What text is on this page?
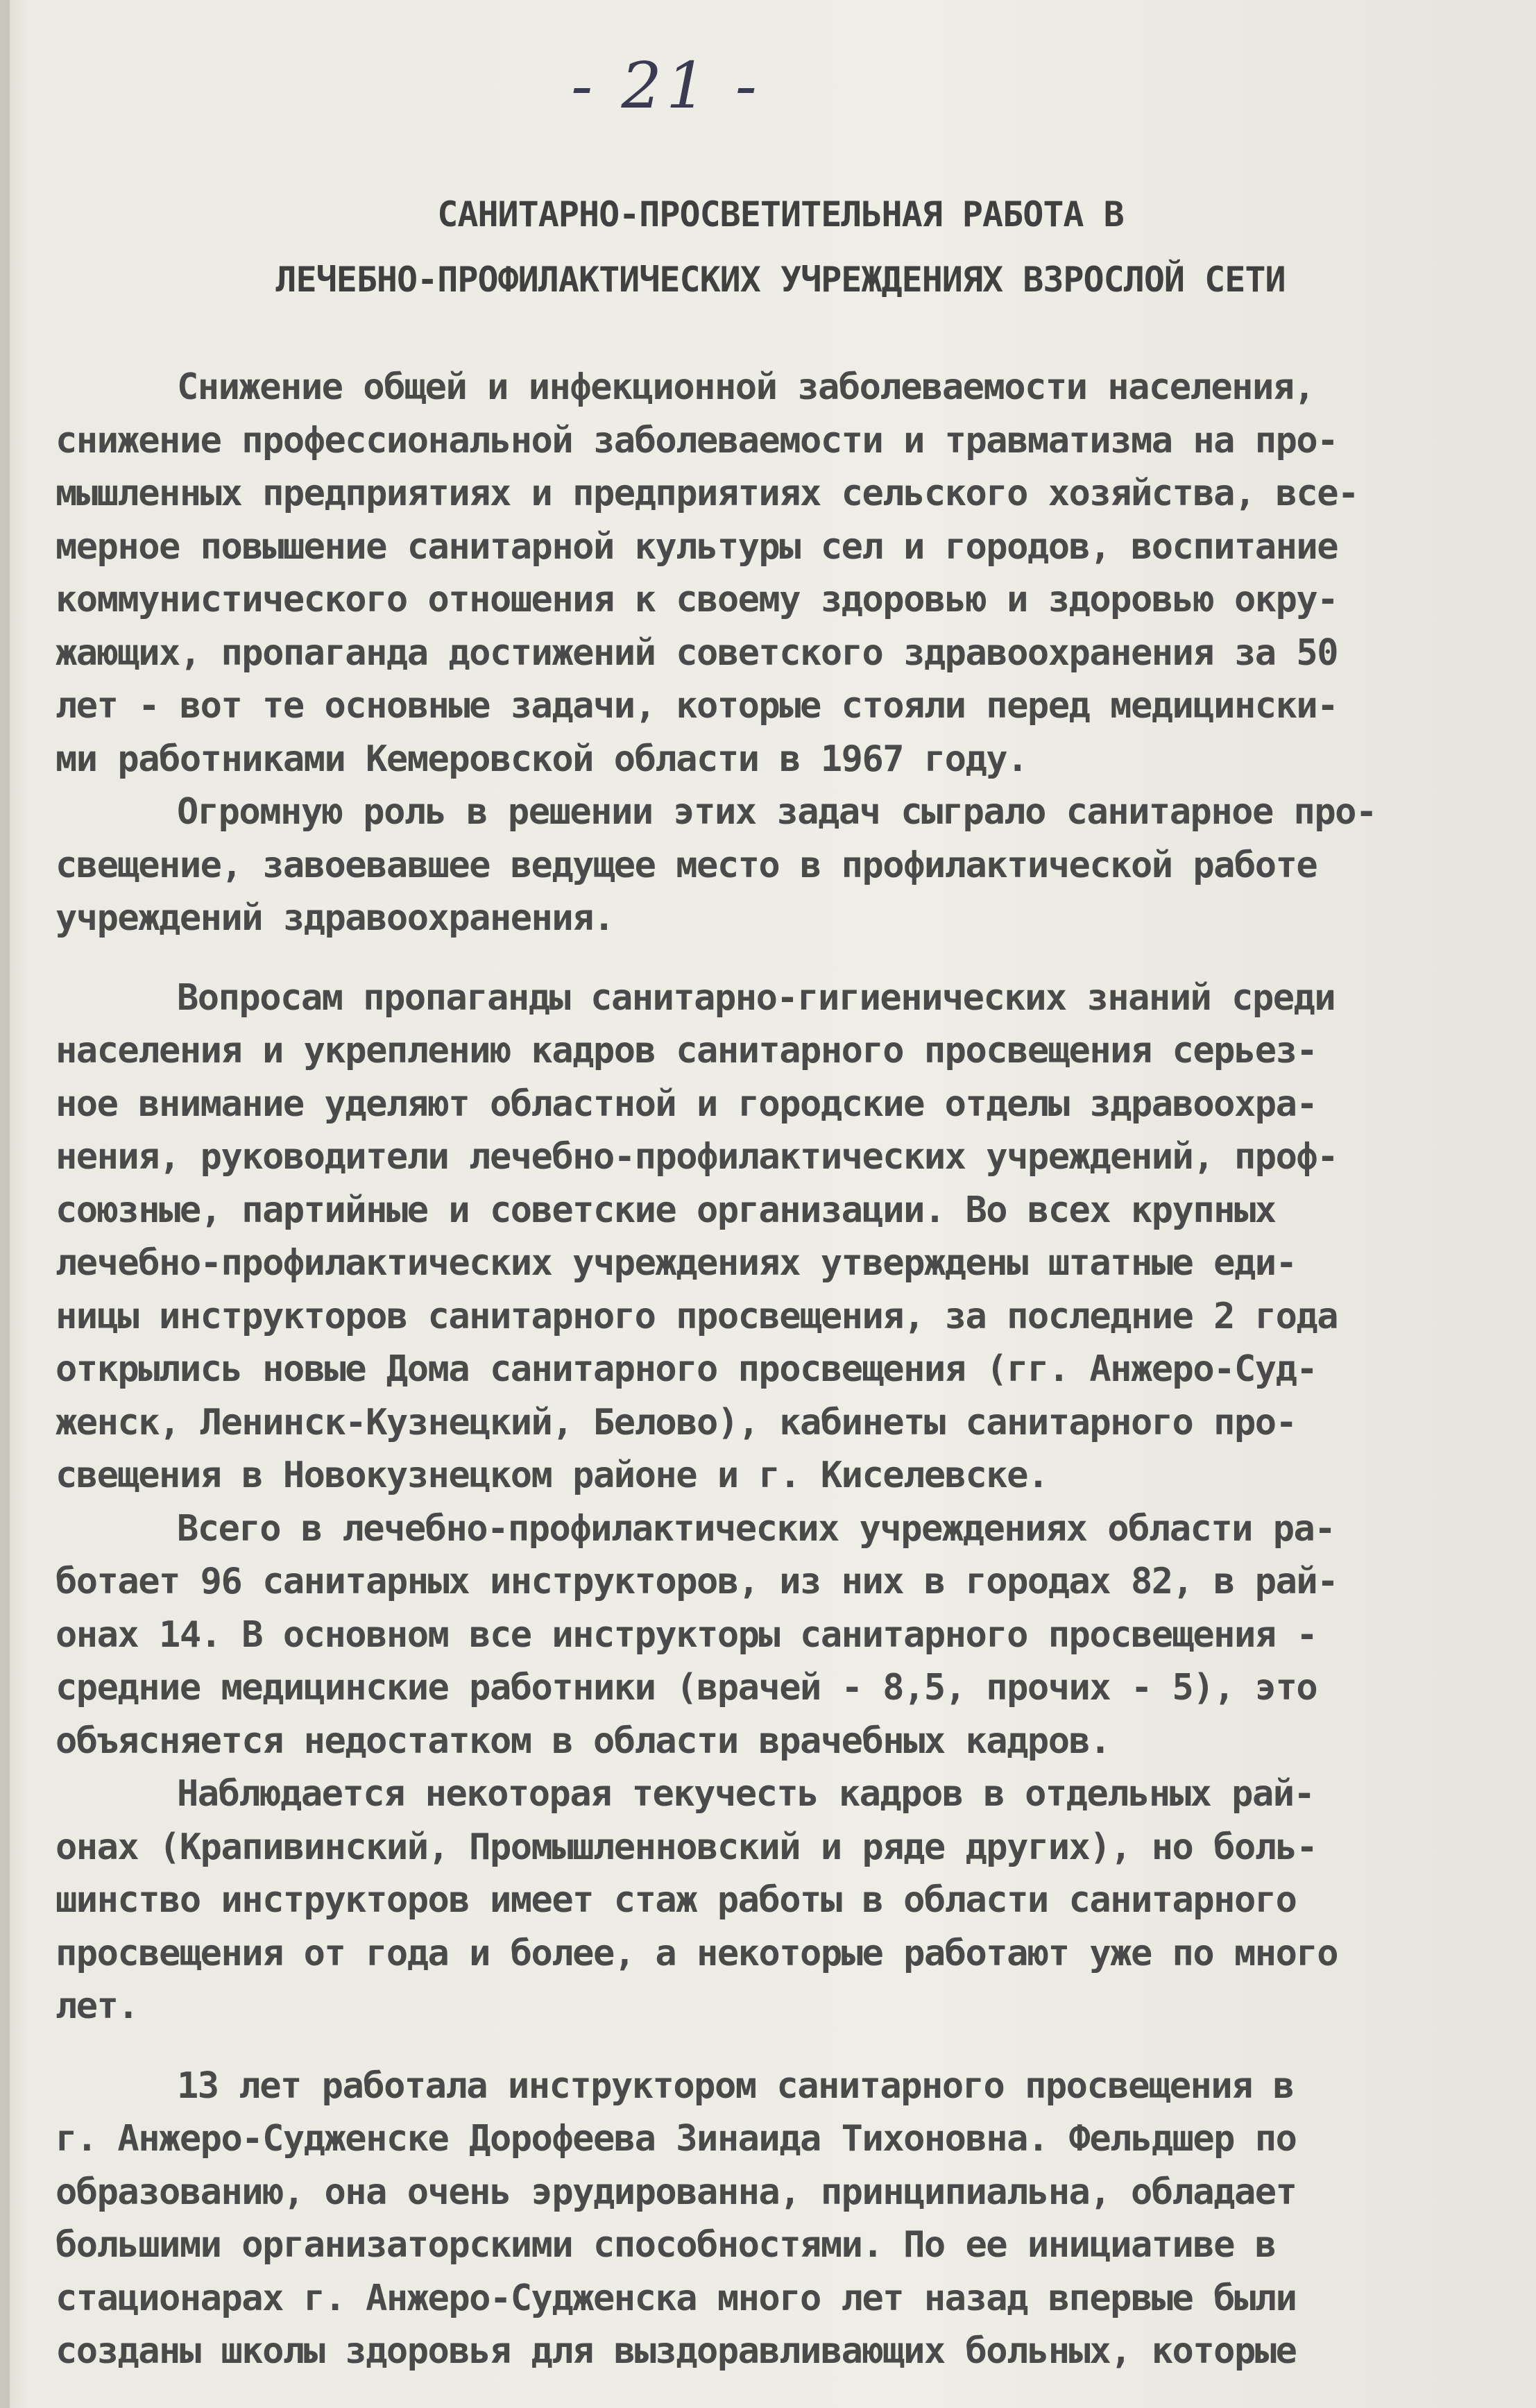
- 21 -
САНИТАРНО-ПРОСВЕТИТЕЛЬНАЯ РАБОТА В
ЛЕЧЕБНО-ПРОФИЛАКТИЧЕСКИХ УЧРЕЖДЕНИЯХ ВЗРОСЛОЙ СЕТИ
Снижение общей и инфекционной заболеваемости населения,
снижение профессиональной заболеваемости и травматизма на про-
мышленных предприятиях и предприятиях сельского хозяйства, все-
мерное повышение санитарной культуры сел и городов, воспитание
коммунистического отношения к своему здоровью и здоровью окру-
жающих, пропаганда достижений советского здравоохранения за 50
лет - вот те основные задачи, которые стояли перед медицински-
ми работниками Кемеровской области в 1967 году.
Огромную роль в решении этих задач сыграло санитарное про-
свещение, завоевавшее ведущее место в профилактической работе
учреждений здравоохранения.
Вопросам пропаганды санитарно-гигиенических знаний среди
населения и укреплению кадров санитарного просвещения серьез-
ное внимание уделяют областной и городские отделы здравоохра-
нения, руководители лечебно-профилактических учреждений, проф-
союзные, партийные и советские организации. Во всех крупных
лечебно-профилактических учреждениях утверждены штатные еди-
ницы инструкторов санитарного просвещения, за последние 2 года
открылись новые Дома санитарного просвещения (гг. Анжеро-Суд-
женск, Ленинск-Кузнецкий, Белово), кабинеты санитарного про-
свещения в Новокузнецком районе и г. Киселевске.
Всего в лечебно-профилактических учреждениях области ра-
ботает 96 санитарных инструкторов, из них в городах 82, в рай-
онах 14. В основном все инструкторы санитарного просвещения -
средние медицинские работники (врачей - 8,5, прочих - 5), это
объясняется недостатком в области врачебных кадров.
Наблюдается некоторая текучесть кадров в отдельных рай-
онах (Крапивинский, Промышленновский и ряде других), но боль-
шинство инструкторов имеет стаж работы в области санитарного
просвещения от года и более, а некоторые работают уже по много
лет.
13 лет работала инструктором санитарного просвещения в
г. Анжеро-Судженске Дорофеева Зинаида Тихоновна. Фельдшер по
образованию, она очень эрудированна, принципиальна, обладает
большими организаторскими способностями. По ее инициативе в
стационарах г. Анжеро-Судженска много лет назад впервые были
созданы школы здоровья для выздоравливающих больных, которые
